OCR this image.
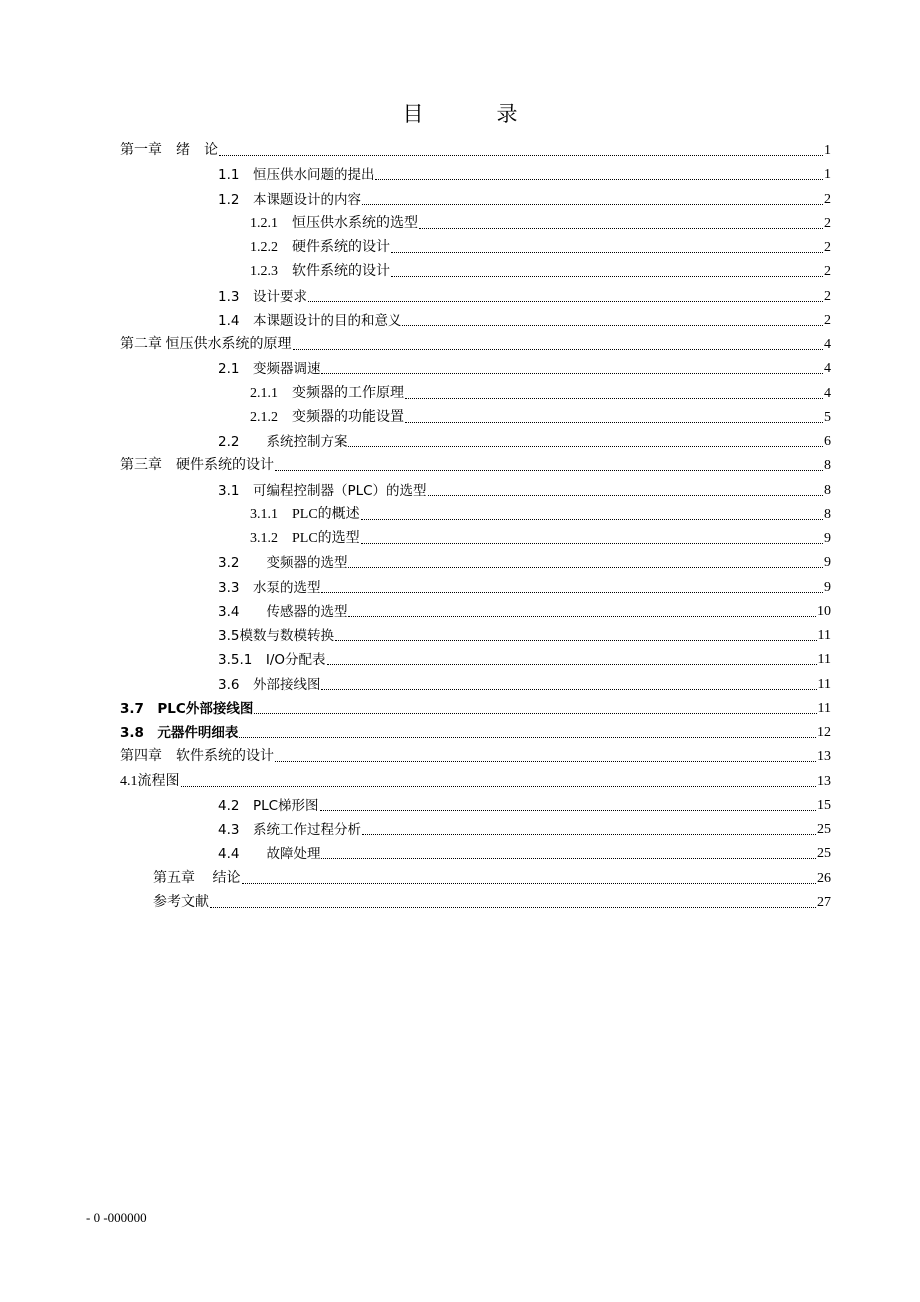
目　录
第一章　绪　论	1
1.1　恒压供水问题的提出	1
1.2　本课题设计的内容	2
1.2.1　恒压供水系统的选型	2
1.2.2　硬件系统的设计	2
1.2.3　软件系统的设计	2
1.3　设计要求	2
1.4　本课题设计的目的和意义	2
第二章 恒压供水系统的原理	4
2.1　变频器调速	4
2.1.1　变频器的工作原理	4
2.1.2　变频器的功能设置	5
2.2　　系统控制方案	6
第三章　硬件系统的设计	8
3.1　可编程控制器（PLC）的选型	8
3.1.1　PLC的概述	8
3.1.2　PLC的选型	9
3.2　　变频器的选型	9
3.3　水泵的选型	9
3.4　　传感器的选型	10
3.5模数与数模转换	11
3.5.1　I/O分配表	11
3.6　外部接线图	11
3.7　PLC外部接线图	11
3.8　元器件明细表	12
第四章　软件系统的设计	13
4.1流程图	13
4.2　PLC梯形图	15
4.3　系统工作过程分析	25
4.4　　故障处理	25
第五章　 结论	26
参考文献	27
- 0 -000000
